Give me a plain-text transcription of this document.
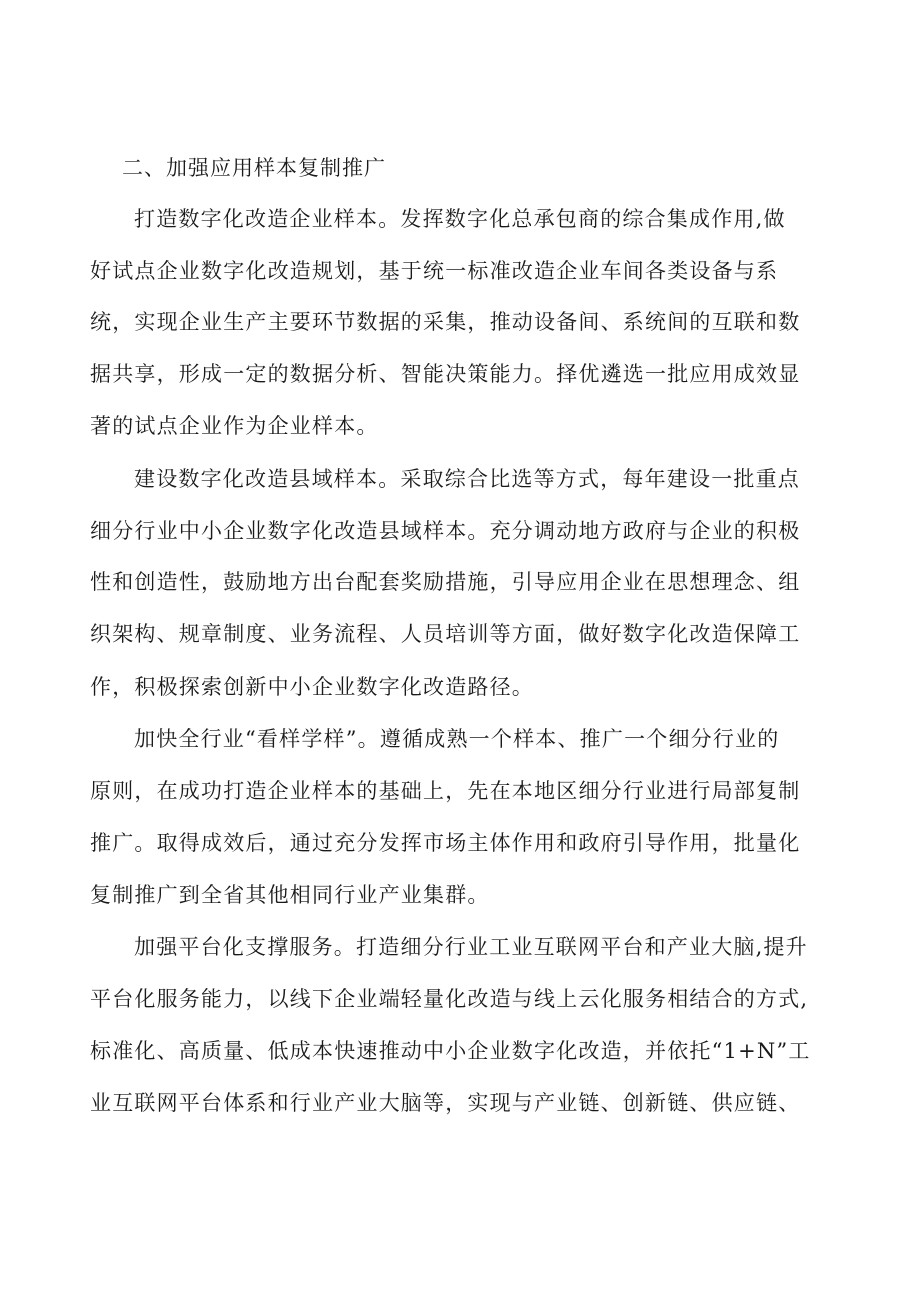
二、加强应用样本复制推广
打造数字化改造企业样本。发挥数字化总承包商的综合集成作用,做
好试点企业数字化改造规划，基于统一标准改造企业车间各类设备与系
统，实现企业生产主要环节数据的采集，推动设备间、系统间的互联和数
据共享，形成一定的数据分析、智能决策能力。择优遴选一批应用成效显
著的试点企业作为企业样本。
建设数字化改造县域样本。采取综合比选等方式，每年建设一批重点
细分行业中小企业数字化改造县域样本。充分调动地方政府与企业的积极
性和创造性，鼓励地方出台配套奖励措施，引导应用企业在思想理念、组
织架构、规章制度、业务流程、人员培训等方面，做好数字化改造保障工
作，积极探索创新中小企业数字化改造路径。
加快全行业“看样学样”。遵循成熟一个样本、推广一个细分行业的
原则，在成功打造企业样本的基础上，先在本地区细分行业进行局部复制
推广。取得成效后，通过充分发挥市场主体作用和政府引导作用，批量化
复制推广到全省其他相同行业产业集群。
加强平台化支撑服务。打造细分行业工业互联网平台和产业大脑,提升
平台化服务能力，以线下企业端轻量化改造与线上云化服务相结合的方式,
标准化、高质量、低成本快速推动中小企业数字化改造，并依托“1+N”工
业互联网平台体系和行业产业大脑等，实现与产业链、创新链、供应链、
